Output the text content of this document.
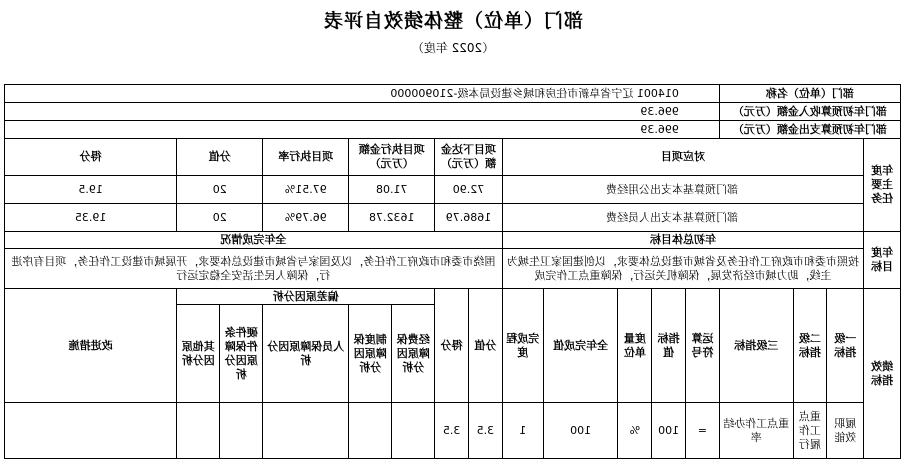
部门（单位）整体绩效自评表
（2022 年度）
部门（单位）名称				014001 辽宁省阜新市住房和城乡建设局本级-210900000												
部门年初预算收入金额（万元）				996.39												
部门年初预算支出金额（万元）				996.39												
年度主要任务	对应项目								项目下达金额（万元）		项目执行金额（万元）		项目执行率	分值		得分
	部门预算基本支出公用经费								72.90		71.08		97.51%	20		19.5
	部门预算基本支出人员经费								1686.79		1632.78		96.79%	20		19.35
年度目标	年初总体目标								全年完成情况							
	按照市委和市政府工作任务及省城市建设总体要求，以创建国家卫生城为主线，助力城市经济发展，保障机关运行，保障重点工作完成								围绕市委和市政府工作任务，以及国家与省城市建设总体要求，开展城市建设工作任务，项目有序进行，保障人民生活安全稳定运行							
绩效指标	一级指标	二级指标	三级指标	运算符号	指标值	度量单位	全年完成值	完成程度	分值	得分	偏差原因分析					改进措施
											经费保障原因分析	制度保障原因分析	人员保障原因分析	硬件条件保障原因分析	其他原因分析	
	履职效能	重点工作履行	重点工作办结率	=	100	%	100	1	3.5	3.5						
